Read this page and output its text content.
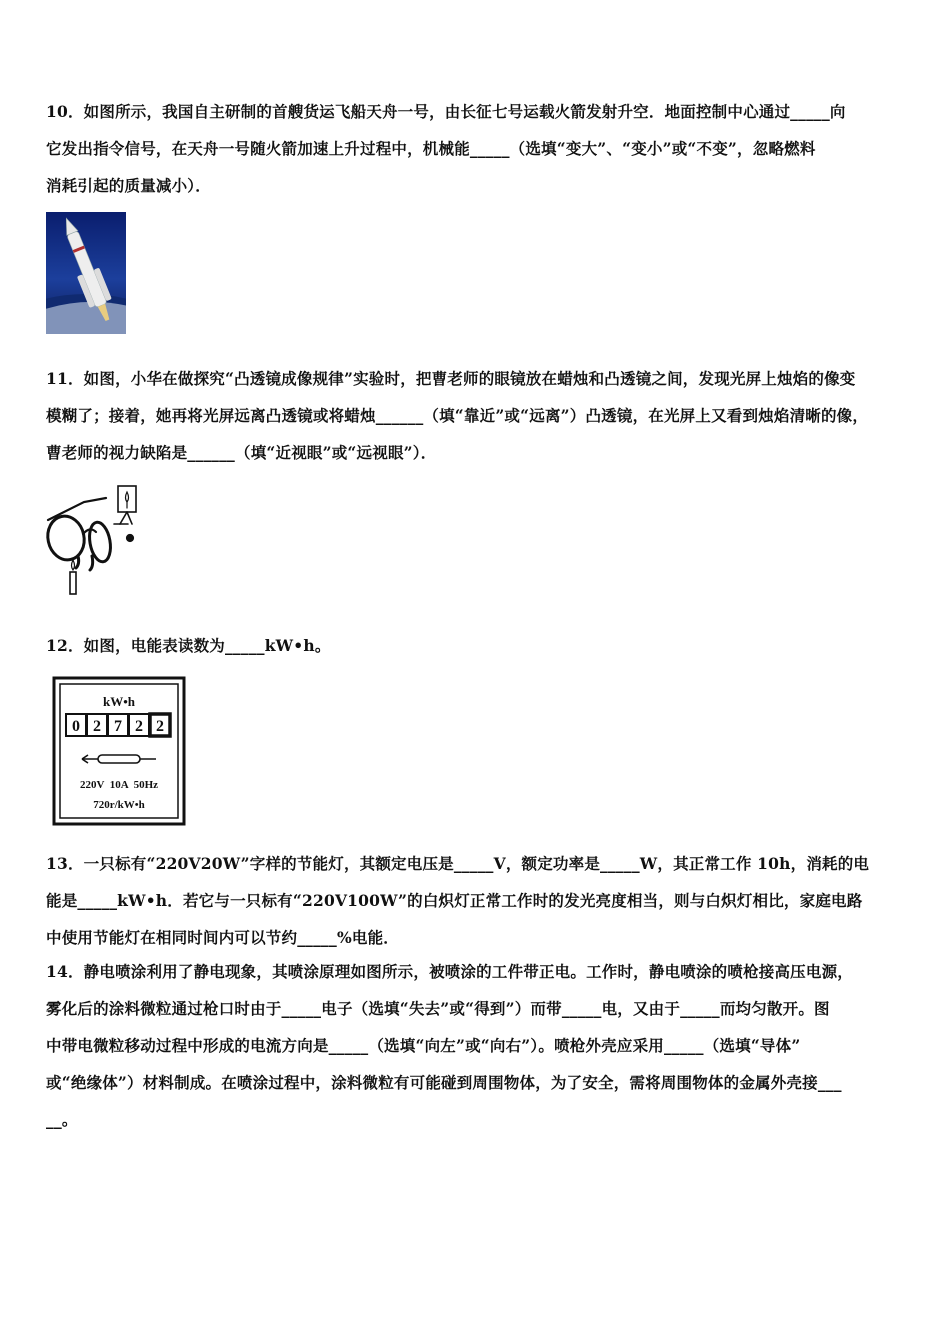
10．如图所示，我国自主研制的首艘货运飞船天舟一号，由长征七号运载火箭发射升空．地面控制中心通过_____向

它发出指令信号，在天舟一号随火箭加速上升过程中，机械能_____（选填“变大”、“变小”或“不变”，忽略燃料

消耗引起的质量减小）．

11．如图，小华在做探究“凸透镜成像规律”实验时，把曹老师的眼镜放在蜡烛和凸透镜之间，发现光屏上烛焰的像变

模糊了；接着，她再将光屏远离凸透镜或将蜡烛______（填“靠近”或“远离”）凸透镜，在光屏上又看到烛焰清晰的像，

曹老师的视力缺陷是______（填“近视眼”或“远视眼”）．

12．如图，电能表读数为_____kW•h。

kW•h
0 2 7 2 2
220V  10A  50Hz
720r/kW•h

13．一只标有“220V20W”字样的节能灯，其额定电压是_____V，额定功率是_____W，其正常工作 10h，消耗的电

能是_____kW•h．若它与一只标有“220V100W”的白炽灯正常工作时的发光亮度相当，则与白炽灯相比，家庭电路

中使用节能灯在相同时间内可以节约_____%电能．

14．静电喷涂利用了静电现象，其喷涂原理如图所示，被喷涂的工件带正电。工作时，静电喷涂的喷枪接高压电源，

雾化后的涂料微粒通过枪口时由于_____电子（选填“失去”或“得到”）而带_____电，又由于_____而均匀散开。图

中带电微粒移动过程中形成的电流方向是_____（选填“向左”或“向右”）。喷枪外壳应采用_____（选填“导体”

或“绝缘体”）材料制成。在喷涂过程中，涂料微粒有可能碰到周围物体，为了安全，需将周围物体的金属外壳接___

__。
